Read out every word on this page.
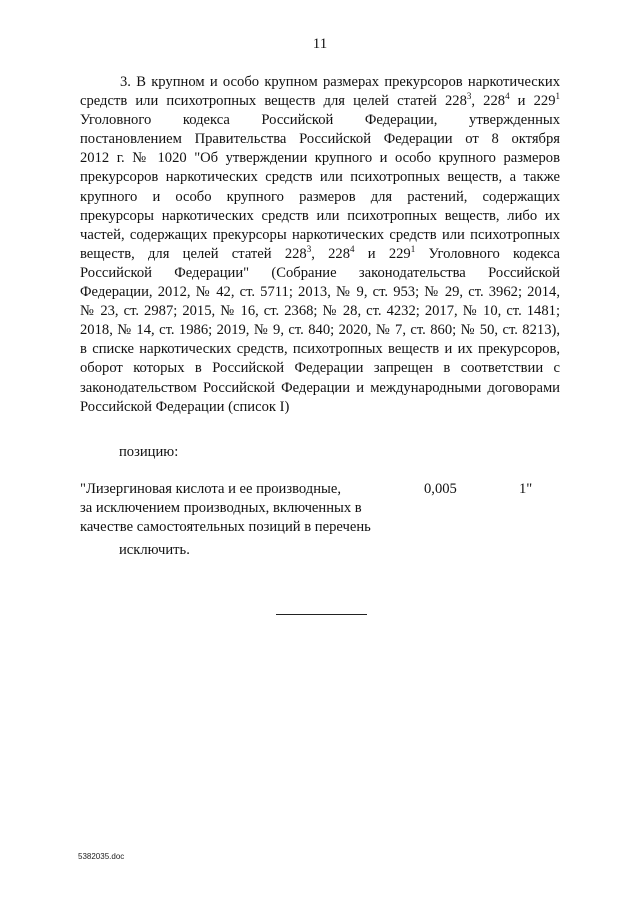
11
3. В крупном и особо крупном размерах прекурсоров наркотических
средств или психотропных веществ для целей статей $228^3$, $228^4$ и $229^1$
Уголовного кодекса Российской Федерации, утвержденных
постановлением Правительства Российской Федерации от 8 октября
2012 г. № 1020 "Об утверждении крупного и особо крупного размеров
прекурсоров наркотических средств или психотропных веществ, а также
крупного и особо крупного размеров для растений, содержащих
прекурсоры наркотических средств или психотропных веществ, либо их
частей, содержащих прекурсоры наркотических средств или психотропных
веществ, для целей статей $228^3$, $228^4$ и $229^1$ Уголовного кодекса
Российской Федерации" (Собрание законодательства Российской
Федерации, 2012, № 42, ст. 5711; 2013, № 9, ст. 953; № 29, ст. 3962; 2014,
№ 23, ст. 2987; 2015, № 16, ст. 2368; № 28, ст. 4232; 2017, № 10, ст. 1481;
2018, № 14, ст. 1986; 2019, № 9, ст. 840; 2020, № 7, ст. 860; № 50, ст. 8213),
в списке наркотических средств, психотропных веществ и их прекурсоров,
оборот которых в Российской Федерации запрещен в соответствии с
законодательством Российской Федерации и международными договорами
Российской Федерации (список I)
позицию:
"Лизергиновая кислота и ее производные,
за исключением производных, включенных в
качестве самостоятельных позиций в перечень
0,005	1"
исключить.
5382035.doc
